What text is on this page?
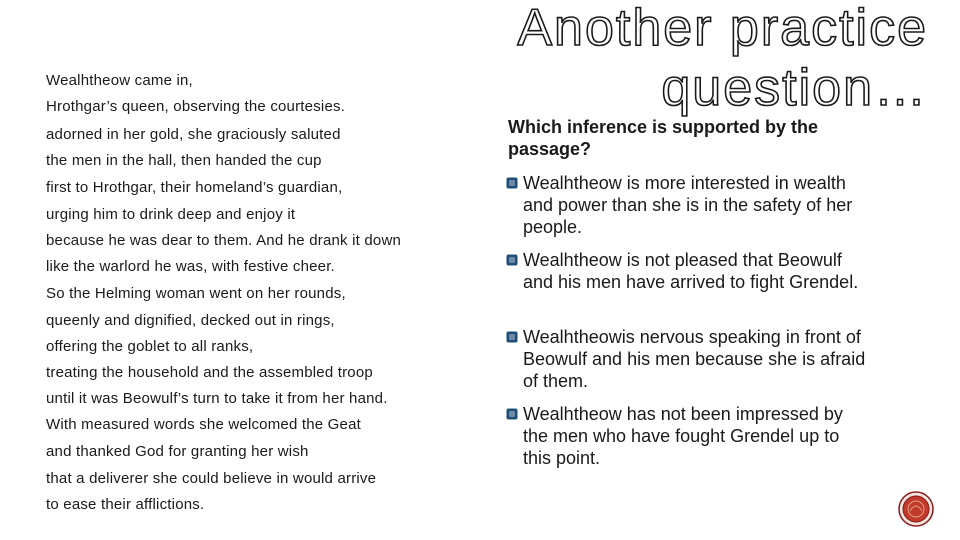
Another practice
question…
Wealhtheow came in,
Hrothgar’s queen, observing the courtesies.
adorned in her gold, she graciously saluted
the men in the hall, then handed the cup
first to Hrothgar, their homeland’s guardian,
urging him to drink deep and enjoy it
because he was dear to them. And he drank it down
like the warlord he was, with festive cheer.
So the Helming woman went on her rounds,
queenly and dignified, decked out in rings,
offering the goblet to all ranks,
treating the household and the assembled troop
until it was Beowulf’s turn to take it from her hand.
With measured words she welcomed the Geat
and thanked God for granting her wish
that a deliverer she could believe in would arrive
to ease their afflictions.
Which inference is supported by the passage?
Wealhtheow is more interested in wealth and power than she is in the safety of her people.
Wealhtheow is not pleased that Beowulf and his men have arrived to fight Grendel.
Wealhtheowis nervous speaking in front of Beowulf and his men because she is afraid of them.
Wealhtheow has not been impressed by the men who have fought Grendel up to this point.
